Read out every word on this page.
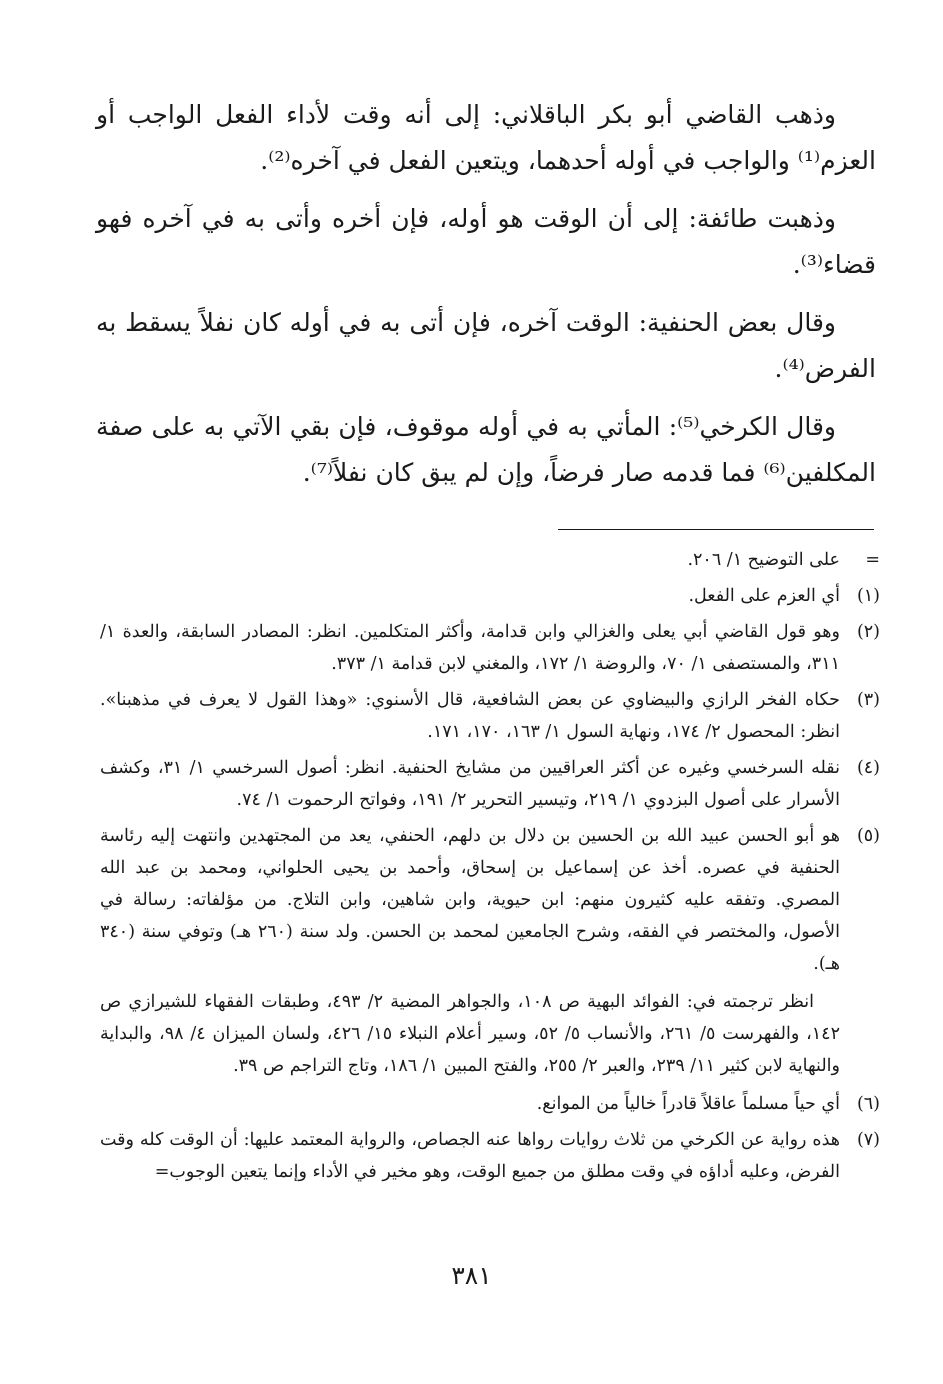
وذهب القاضي أبو بكر الباقلاني: إلى أنه وقت لأداء الفعل الواجب أو العزم⁽¹⁾ والواجب في أوله أحدهما، ويتعين الفعل في آخره⁽²⁾.

وذهبت طائفة: إلى أن الوقت هو أوله، فإن أخره وأتى به في آخره فهو قضاء⁽³⁾.

وقال بعض الحنفية: الوقت آخره، فإن أتى به في أوله كان نفلاً يسقط به الفرض⁽⁴⁾.

وقال الكرخي⁽⁵⁾: المأتي به في أوله موقوف، فإن بقي الآتي به على صفة المكلفين⁽⁶⁾ فما قدمه صار فرضاً، وإن لم يبق كان نفلاً⁽⁷⁾.

=
على التوضيح ١/ ٢٠٦.
(١)
أي العزم على الفعل.
(٢)
وهو قول القاضي أبي يعلى والغزالي وابن قدامة، وأكثر المتكلمين. انظر: المصادر السابقة، والعدة ١/ ٣١١، والمستصفى ١/ ٧٠، والروضة ١/ ١٧٢، والمغني لابن قدامة ١/ ٣٧٣.
(٣)
حكاه الفخر الرازي والبيضاوي عن بعض الشافعية، قال الأسنوي: «وهذا القول لا يعرف في مذهبنا». انظر: المحصول ٢/ ١٧٤، ونهاية السول ١/ ١٦٣، ١٧٠، ١٧١.
(٤)
نقله السرخسي وغيره عن أكثر العراقيين من مشايخ الحنفية. انظر: أصول السرخسي ١/ ٣١، وكشف الأسرار على أصول البزدوي ١/ ٢١٩، وتيسير التحرير ٢/ ١٩١، وفواتح الرحموت ١/ ٧٤.
(٥)
هو أبو الحسن عبيد الله بن الحسين بن دلال بن دلهم، الحنفي، يعد من المجتهدين وانتهت إليه رئاسة الحنفية في عصره. أخذ عن إسماعيل بن إسحاق، وأحمد بن يحيى الحلواني، ومحمد بن عبد الله المصري. وتفقه عليه كثيرون منهم: ابن حيوية، وابن شاهين، وابن التلاج. من مؤلفاته: رسالة في الأصول، والمختصر في الفقه، وشرح الجامعين لمحمد بن الحسن. ولد سنة (٢٦٠ هـ) وتوفي سنة (٣٤٠ هـ).
انظر ترجمته في: الفوائد البهية ص ١٠٨، والجواهر المضية ٢/ ٤٩٣، وطبقات الفقهاء للشيرازي ص ١٤٢، والفهرست ٥/ ٢٦١، والأنساب ٥/ ٥٢، وسير أعلام النبلاء ١٥/ ٤٢٦، ولسان الميزان ٤/ ٩٨، والبداية والنهاية لابن كثير ١١/ ٢٣٩، والعبر ٢/ ٢٥٥، والفتح المبين ١/ ١٨٦، وتاج التراجم ص ٣٩.
(٦)
أي حياً مسلماً عاقلاً قادراً خالياً من الموانع.
(٧)
هذه رواية عن الكرخي من ثلاث روايات رواها عنه الجصاص، والرواية المعتمد عليها: أن الوقت كله وقت الفرض، وعليه أداؤه في وقت مطلق من جميع الوقت، وهو مخير في الأداء وإنما يتعين الوجوب=
٣٨١
